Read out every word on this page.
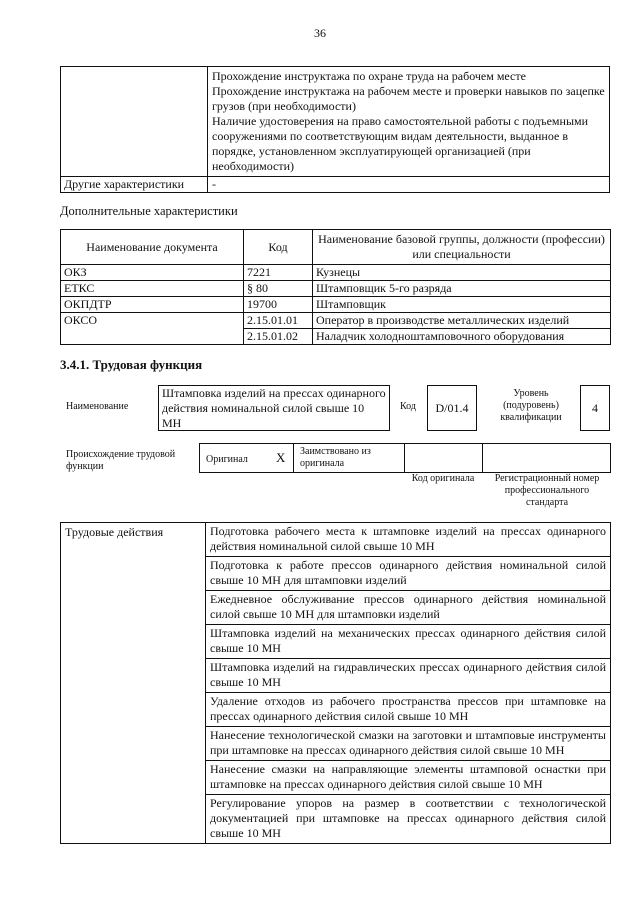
36

	Прохождение инструктажа по охране труда на рабочем месте
Прохождение инструктажа на рабочем месте и проверки навыков по зацепке грузов (при необходимости)
Наличие удостоверения на право самостоятельной работы с подъемными сооружениями по соответствующим видам деятельности, выданное в порядке, установленном эксплуатирующей организацией (при необходимости)

Другие характеристики	-
Дополнительные характеристики
Наименование документа	Код	Наименование базовой группы, должности (профессии) или специальности
ОКЗ	7221	Кузнецы
ЕТКС	§ 80	Штамповщик 5-го разряда
ОКПДТР	19700	Штамповщик
ОКСО	2.15.01.01	Оператор в производстве металлических изделий
	2.15.01.02	Наладчик холодноштамповочного оборудования
3.4.1. Трудовая функция
Наименование
Штамповка изделий на прессах одинарного действия номинальной силой свыше 10 МН
Код	D/01.4
Уровень (подуровень) квалификации
4
Происхождение трудовой функции
Оригинал X Заимствовано из оригинала
Код оригинала	Регистрационный номер профессионального стандарта
Трудовые действия	Подготовка рабочего места к штамповке изделий на прессах одинарного действия номинальной силой свыше 10 МН
Подготовка к работе прессов одинарного действия номинальной силой свыше 10 МН для штамповки изделий
Ежедневное обслуживание прессов одинарного действия номинальной силой свыше 10 МН для штамповки изделий
Штамповка изделий на механических прессах одинарного действия силой свыше 10 МН
Штамповка изделий на гидравлических прессах одинарного действия силой свыше 10 МН
Удаление отходов из рабочего пространства прессов при штамповке на прессах одинарного действия силой свыше 10 МН
Нанесение технологической смазки на заготовки и штамповые инструменты при штамповке на прессах одинарного действия силой свыше 10 МН
Нанесение смазки на направляющие элементы штамповой оснастки при штамповке на прессах одинарного действия силой свыше 10 МН
Регулирование упоров на размер в соответствии с технологической документацией при штамповке на прессах одинарного действия силой свыше 10 МН
